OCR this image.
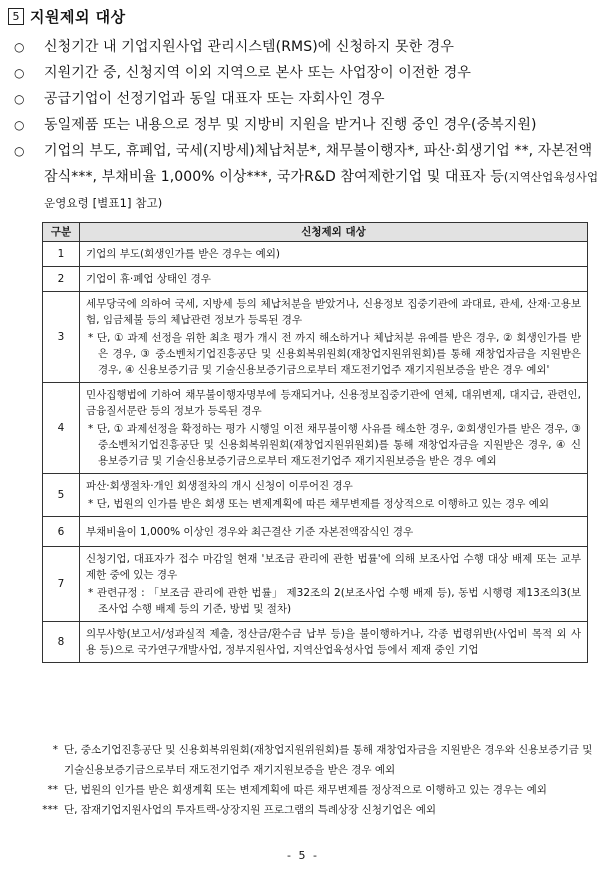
5 지원제외 대상
○	신청기간 내 기업지원사업 관리시스템(RMS)에 신청하지 못한 경우
○	지원기간 중, 신청지역 이외 지역으로 본사 또는 사업장이 이전한 경우
○	공급기업이 선정기업과 동일 대표자 또는 자회사인 경우
○	동일제품 또는 내용으로 정부 및 지방비 지원을 받거나 진행 중인 경우(중복지원)
○	기업의 부도, 휴폐업, 국세(지방세)체납처분*, 채무불이행자*, 파산·회생기업 **, 자본전액잠식***, 부채비율 1,000% 이상***, 국가R&D 참여제한기업 및 대표자 등(지역산업육성사업 운영요령 [별표1] 참고)
구분	신청제외 대상
1	기업의 부도(회생인가를 받은 경우는 예외)

2	기업이 휴·폐업 상태인 경우

3	세무당국에 의하여 국세, 지방세 등의 체납처분을 받았거나, 신용정보 집중기관에 과대료, 관세, 산재·고용보험, 임금체불 등의 체납관련 정보가 등록된 경우
* 단, ① 과제 선정을 위한 최초 평가 개시 전 까지 해소하거나 체납처분 유예를 받은 경우, ② 회생인가를 받은 경우, ③ 중소벤처기업진흥공단 및 신용회복위원회(재창업지원위원회)를 통해 재창업자금을 지원받은 경우, ④ 신용보증기금 및 기술신용보증기금으로부터 재도전기업주 재기지원보증을 받은 경우 예외'

4	민사집행법에 기하여 채무불이행자명부에 등재되거나, 신용정보집중기관에 연체, 대위변제, 대지급, 관련인, 금융질서문란 등의 정보가 등록된 경우
* 단, ① 과제선정을 확정하는 평가 시행일 이전 채무불이행 사유를 해소한 경우, ②회생인가를 받은 경우, ③ 중소벤처기업진흥공단 및 신용회복위원회(재창업지원위원회)를 통해 재창업자금을 지원받은 경우, ④ 신용보증기금 및 기술신용보증기금으로부터 재도전기업주 재기지원보증을 받은 경우 예외

5	파산·회생절차·개인 회생절차의 개시 신청이 이루어진 경우
* 단, 법원의 인가를 받은 회생 또는 변제계획에 따른 채무변제를 정상적으로 이행하고 있는 경우 예외

6	부채비율이 1,000% 이상인 경우와 최근결산 기준 자본전액잠식인 경우

7	신청기업, 대표자가 접수 마감일 현재 '보조금 관리에 관한 법률'에 의해 보조사업 수행 대상 배제 또는 교부 제한 중에 있는 경우
* 관련규정 : 「보조금 관리에 관한 법률」 제32조의 2(보조사업 수행 배제 등), 동법 시행령 제13조의3(보조사업 수행 배제 등의 기준, 방법 및 절차)

8	의무사항(보고서/성과실적 제출, 정산금/환수금 납부 등)을 불이행하거나, 각종 법령위반(사업비 목적 외 사용 등)으로 국가연구개발사업, 정부지원사업, 지역산업육성사업 등에서 제재 중인 기업
* 단, 중소기업진흥공단 및 신용회복위원회(재창업지원위원회)를 통해 재창업자금을 지원받은 경우와 신용보증기금 및 기술신용보증기금으로부터 재도전기업주 재기지원보증을 받은 경우 예외
** 단, 법원의 인가를 받은 회생계획 또는 변제계획에 따른 채무변제를 정상적으로 이행하고 있는 경우는 예외
*** 단, 잠재기업지원사업의 투자트랙-상장지원 프로그램의 특례상장 신청기업은 예외
- 5 -
